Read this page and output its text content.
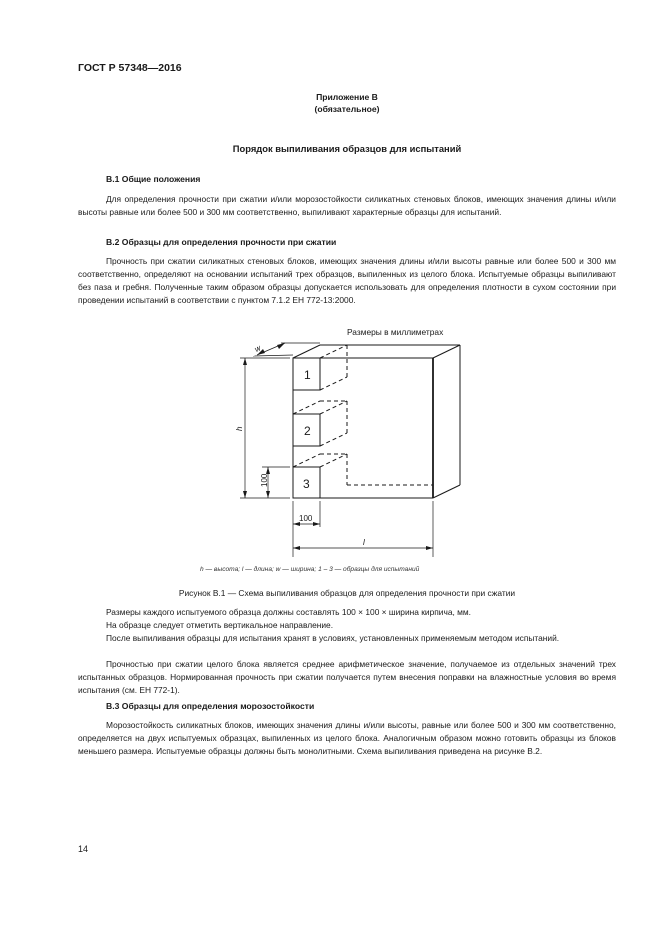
ГОСТ Р 57348—2016

Приложение В

(обязательное)

Порядок выпиливания образцов для испытаний

В.1 Общие положения

Для определения прочности при сжатии и/или морозостойкости силикатных стеновых блоков, имеющих значения длины и/или высоты равные или более 500 и 300 мм соответственно, выпиливают характерные образцы для испытаний.

В.2 Образцы для определения прочности при сжатии

Прочность при сжатии силикатных стеновых блоков, имеющих значения длины и/или высоты равные или более 500 и 300 мм соответственно, определяют на основании испытаний трех образцов, выпиленных из целого блока. Испытуемые образцы выпиливают без паза и гребня. Полученные таким образом образцы допускается использовать для определения плотности в сухом состоянии при проведении испытаний в соответствии с пунктом 7.1.2 ЕН 772-13:2000.

Размеры в миллиметрах
1
2
3
w
h
100
100
l
h — высота; l — длина; w — ширина; 1 – 3 — образцы для испытаний

Рисунок В.1 — Схема выпиливания образцов для определения прочности при сжатии

Размеры каждого испытуемого образца должны составлять 100 × 100 × ширина кирпича, мм.

На образце следует отметить вертикальное направление.

После выпиливания образцы для испытания хранят в условиях, установленных применяемым методом испытаний.

Прочностью при сжатии целого блока является среднее арифметическое значение, получаемое из отдельных значений трех испытанных образцов. Нормированная прочность при сжатии получается путем внесения поправки на влажностные условия во время испытания (см. ЕН 772-1).

В.3 Образцы для определения морозостойкости

Морозостойкость силикатных блоков, имеющих значения длины и/или высоты, равные или более 500 и 300 мм соответственно, определяется на двух испытуемых образцах, выпиленных из целого блока. Аналогичным образом можно готовить образцы из блоков меньшего размера. Испытуемые образцы должны быть монолитными. Схема выпиливания приведена на рисунке В.2.

14
